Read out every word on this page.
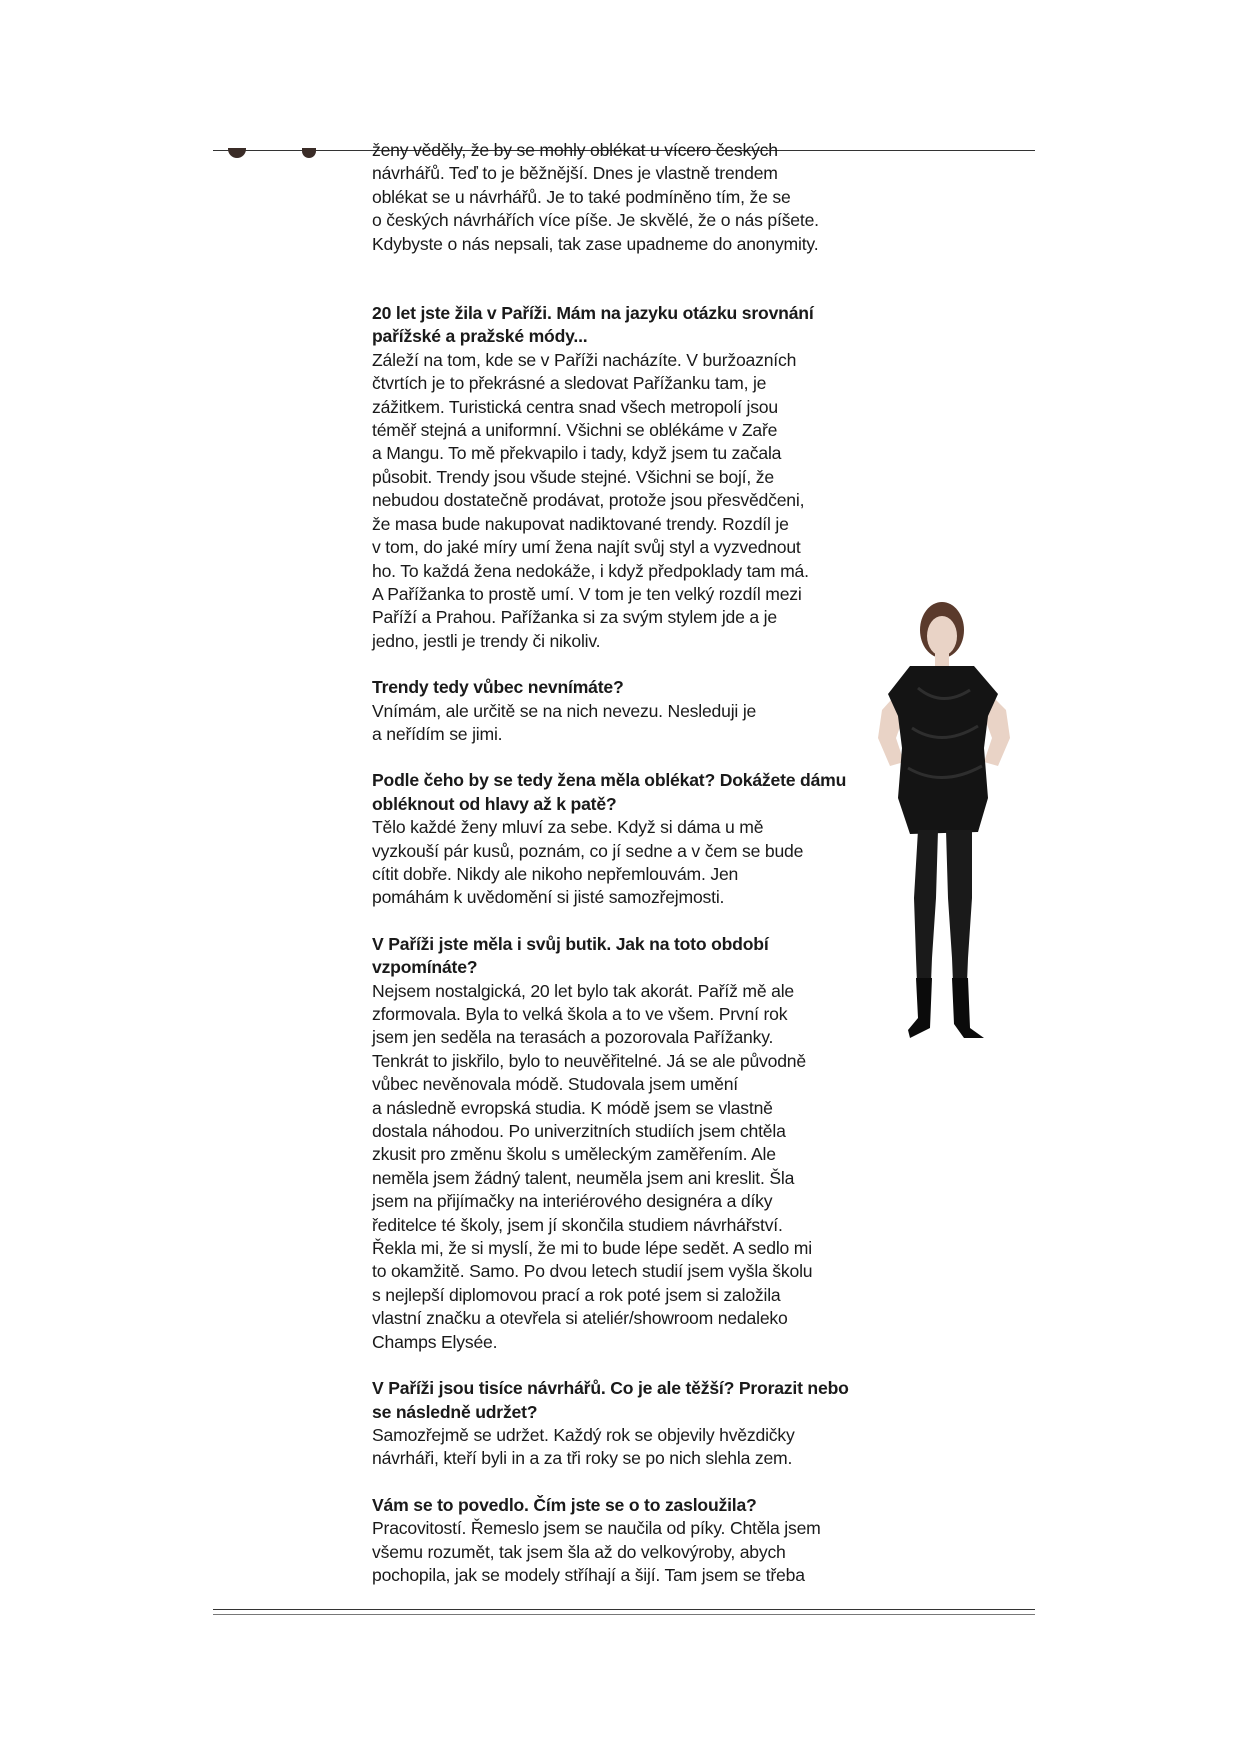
ženy věděly, že by se mohly oblékat u vícero českých

návrhářů. Teď to je běžnější. Dnes je vlastně trendem

oblékat se u návrhářů. Je to také podmíněno tím, že se

o českých návrhářích více píše. Je skvělé, že o nás píšete.

Kdybyste o nás nepsali, tak zase upadneme do anonymity.

20 let jste žila v Paříži. Mám na jazyku otázku srovnání

pařížské a pražské módy...

Záleží na tom, kde se v Paříži nacházíte. V buržoazních

čtvrtích je to překrásné a sledovat Pařížanku tam, je

zážitkem. Turistická centra snad všech metropolí jsou

téměř stejná a uniformní. Všichni se oblékáme v Zaře

a Mangu. To mě překvapilo i tady, když jsem tu začala

působit. Trendy jsou všude stejné. Všichni se bojí, že

nebudou dostatečně prodávat, protože jsou přesvědčeni,

že masa bude nakupovat nadiktované trendy. Rozdíl je

v tom, do jaké míry umí žena najít svůj styl a vyzvednout

ho. To každá žena nedokáže, i když předpoklady tam má.

A Pařížanka to prostě umí. V tom je ten velký rozdíl mezi

Paříží a Prahou. Pařížanka si za svým stylem jde a je

jedno, jestli je trendy či nikoliv.

Trendy tedy vůbec nevnímáte?

Vnímám, ale určitě se na nich nevezu. Nesleduji je

a neřídím se jimi.

Podle čeho by se tedy žena měla oblékat? Dokážete dámu

obléknout od hlavy až k patě?

Tělo každé ženy mluví za sebe. Když si dáma u mě

vyzkouší pár kusů, poznám, co jí sedne a v čem se bude

cítit dobře. Nikdy ale nikoho nepřemlouvám. Jen

pomáhám k uvědomění si jisté samozřejmosti.

V Paříži jste měla i svůj butik. Jak na toto období

vzpomínáte?

Nejsem nostalgická, 20 let bylo tak akorát. Paříž mě ale

zformovala. Byla to velká škola a to ve všem. První rok

jsem jen seděla na terasách a pozorovala Pařížanky.

Tenkrát to jiskřilo, bylo to neuvěřitelné. Já se ale původně

vůbec nevěnovala módě. Studovala jsem umění

a následně evropská studia. K módě jsem se vlastně

dostala náhodou. Po univerzitních studiích jsem chtěla

zkusit pro změnu školu s uměleckým zaměřením. Ale

neměla jsem žádný talent, neuměla jsem ani kreslit. Šla

jsem na přijímačky na interiérového designéra a díky

ředitelce té školy, jsem jí skončila studiem návrhářství.

Řekla mi, že si myslí, že mi to bude lépe sedět. A sedlo mi

to okamžitě. Samo. Po dvou letech studií jsem vyšla školu

s nejlepší diplomovou prací a rok poté jsem si založila

vlastní značku a otevřela si ateliér/showroom nedaleko

Champs Elysée.

V Paříži jsou tisíce návrhářů. Co je ale těžší? Prorazit nebo

se následně udržet?

Samozřejmě se udržet. Každý rok se objevily hvězdičky

návrháři, kteří byli in a za tři roky se po nich slehla zem.

Vám se to povedlo. Čím jste se o to zasloužila?

Pracovitostí. Řemeslo jsem se naučila od píky. Chtěla jsem

všemu rozumět, tak jsem šla až do velkovýroby, abych

pochopila, jak se modely stříhají a šijí. Tam jsem se třeba
